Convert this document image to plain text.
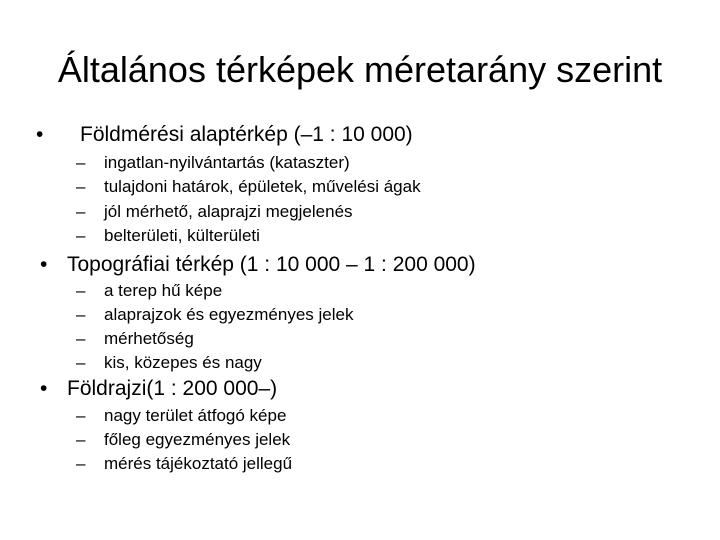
Általános térképek méretarány szerint
• Földmérési alaptérkép (–1 : 10 000)
– ingatlan-nyilvántartás (kataszter)
– tulajdoni határok, épületek, művelési ágak
– jól mérhető, alaprajzi megjelenés
– belterületi, külterületi
• Topográfiai térkép (1 : 10 000 – 1 : 200 000)
– a terep hű képe
– alaprajzok és egyezményes jelek
– mérhetőség
– kis, közepes és nagy
• Földrajzi(1 : 200 000–)
– nagy terület átfogó képe
– főleg egyezményes jelek
– mérés tájékoztató jellegű
